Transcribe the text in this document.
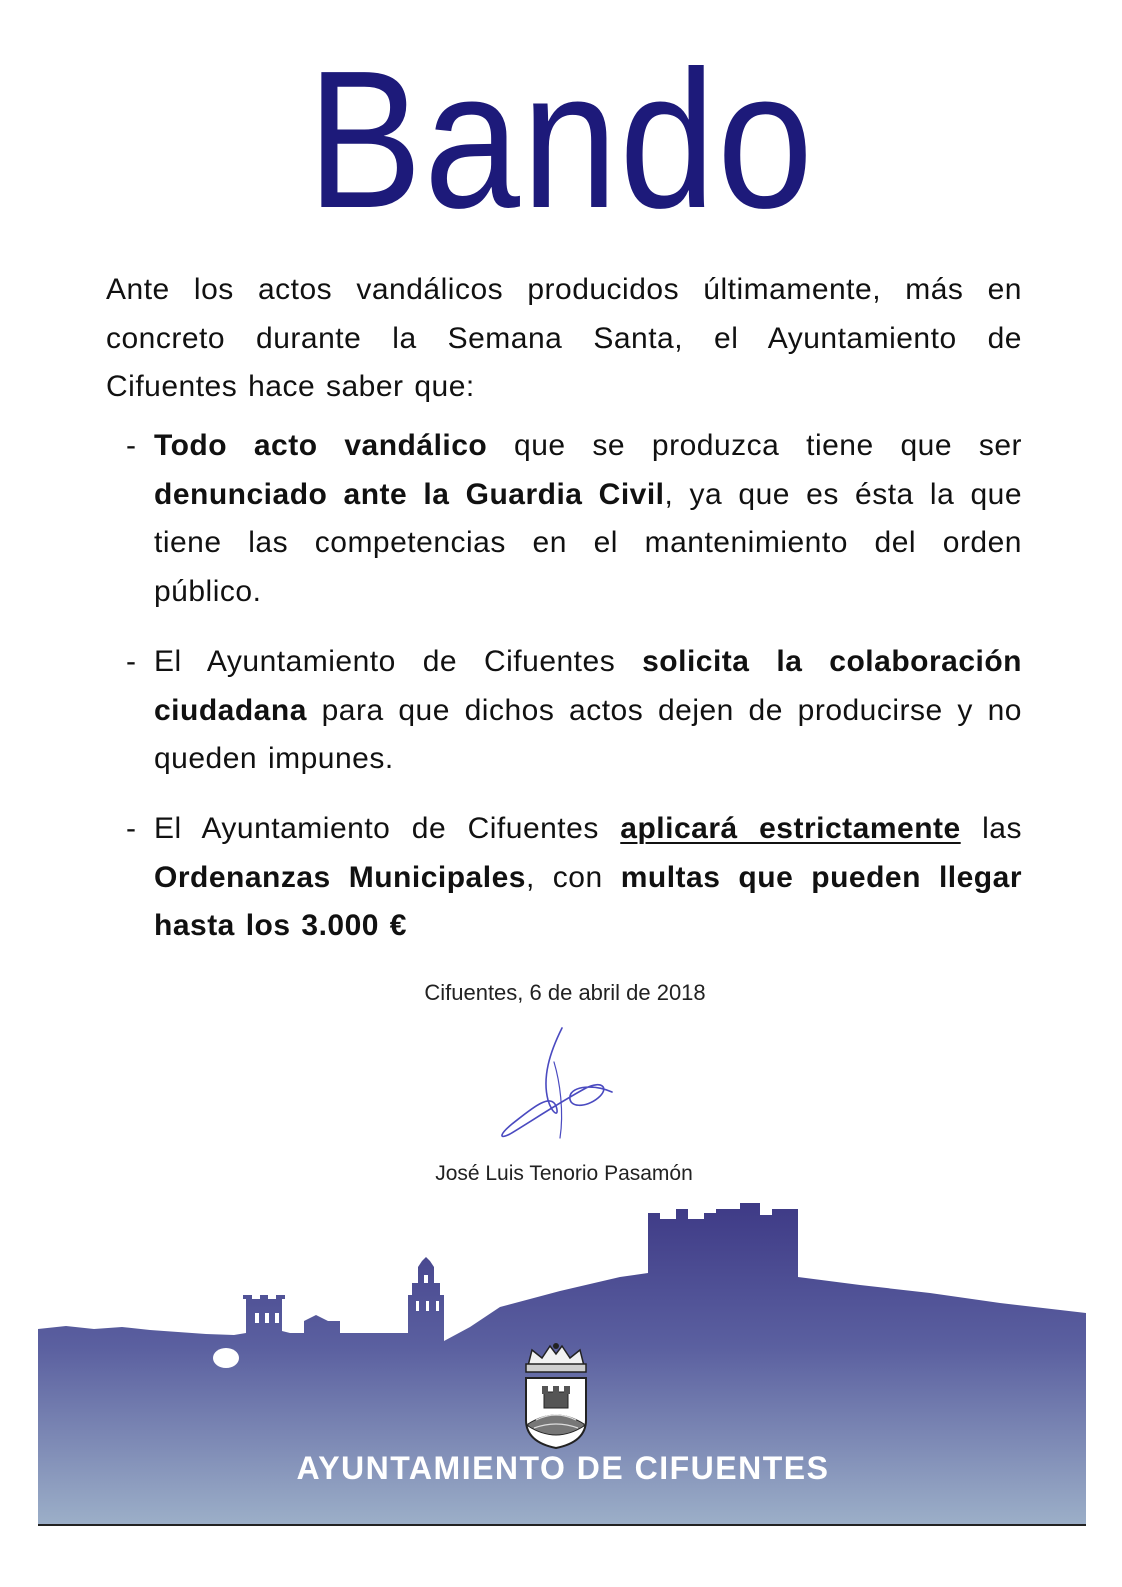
Bando
Ante los actos vandálicos producidos últimamente, más en concreto durante la Semana Santa, el Ayuntamiento de Cifuentes hace saber que:
- Todo acto vandálico que se produzca tiene que ser denunciado ante la Guardia Civil, ya que es ésta la que tiene las competencias en el mantenimiento del orden público.
- El Ayuntamiento de Cifuentes solicita la colaboración ciudadana para que dichos actos dejen de producirse y no queden impunes.
- El Ayuntamiento de Cifuentes aplicará estrictamente las Ordenanzas Municipales, con multas que pueden llegar hasta los 3.000 €
Cifuentes, 6 de abril de 2018
José Luis Tenorio Pasamón
AYUNTAMIENTO DE CIFUENTES
